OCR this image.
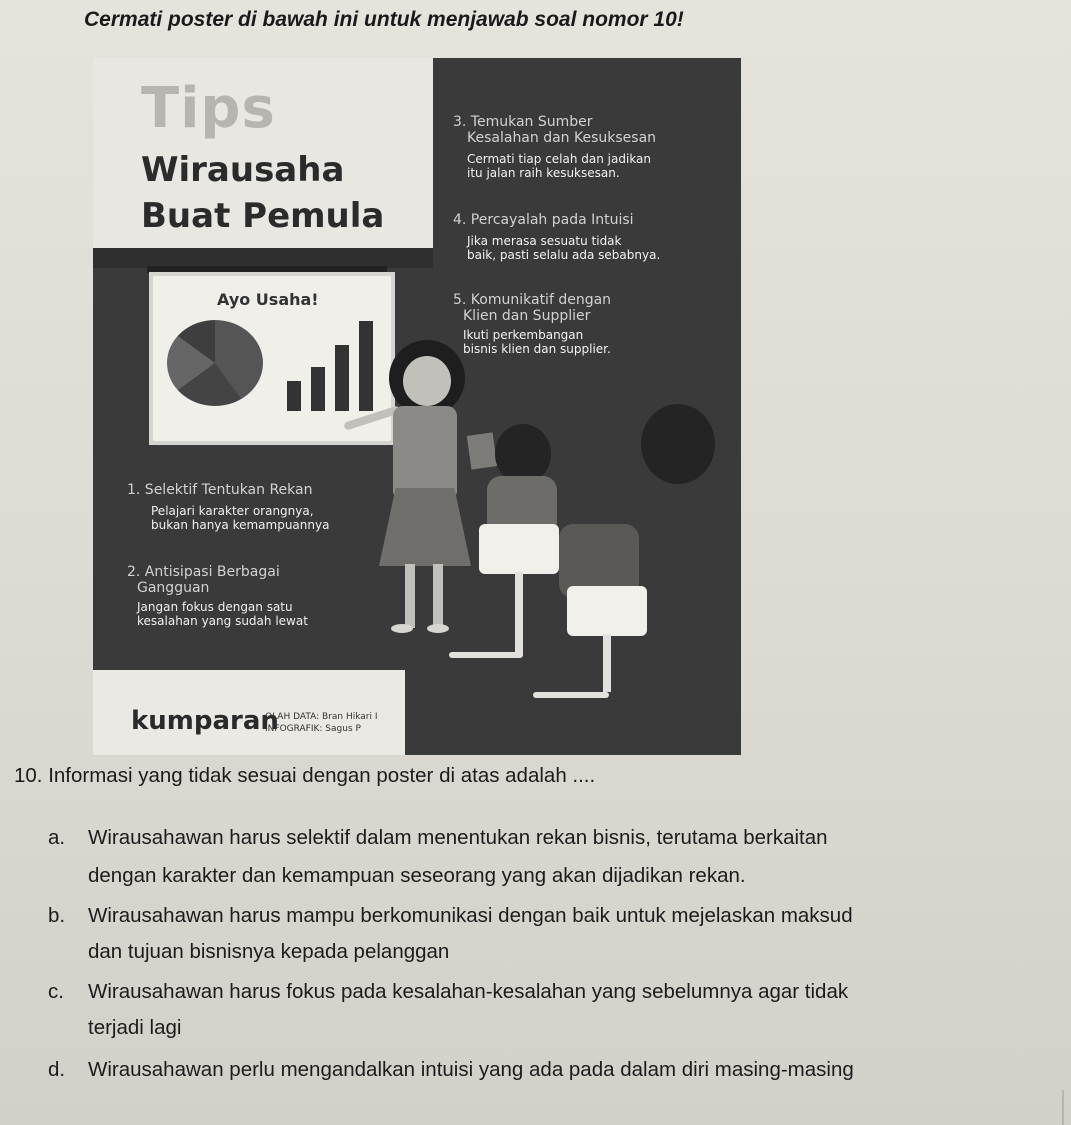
Cermati poster di bawah ini untuk menjawab soal nomor 10!
Tips
Wirausaha
Buat Pemula
Ayo Usaha!
3. Temukan Sumber
Kesalahan dan Kesuksesan
Cermati tiap celah dan jadikan
itu jalan raih kesuksesan.
4. Percayalah pada Intuisi
Jika merasa sesuatu tidak
baik, pasti selalu ada sebabnya.
5. Komunikatif dengan
Klien dan Supplier
Ikuti perkembangan
bisnis klien dan supplier.
1. Selektif Tentukan Rekan
Pelajari karakter orangnya,
bukan hanya kemampuannya
2. Antisipasi Berbagai
Gangguan
Jangan fokus dengan satu
kesalahan yang sudah lewat
kumparan
OLAH DATA: Bran Hikari I
INFOGRAFIK: Sagus P
10. Informasi yang tidak sesuai dengan poster di atas adalah ....
a. Wirausahawan harus selektif dalam menentukan rekan bisnis, terutama berkaitan
dengan karakter dan kemampuan seseorang yang akan dijadikan rekan.
b. Wirausahawan harus mampu berkomunikasi dengan baik untuk mejelaskan maksud
dan tujuan bisnisnya kepada pelanggan
c. Wirausahawan harus fokus pada kesalahan-kesalahan yang sebelumnya agar tidak
terjadi lagi
d. Wirausahawan perlu mengandalkan intuisi yang ada pada dalam diri masing-masing
